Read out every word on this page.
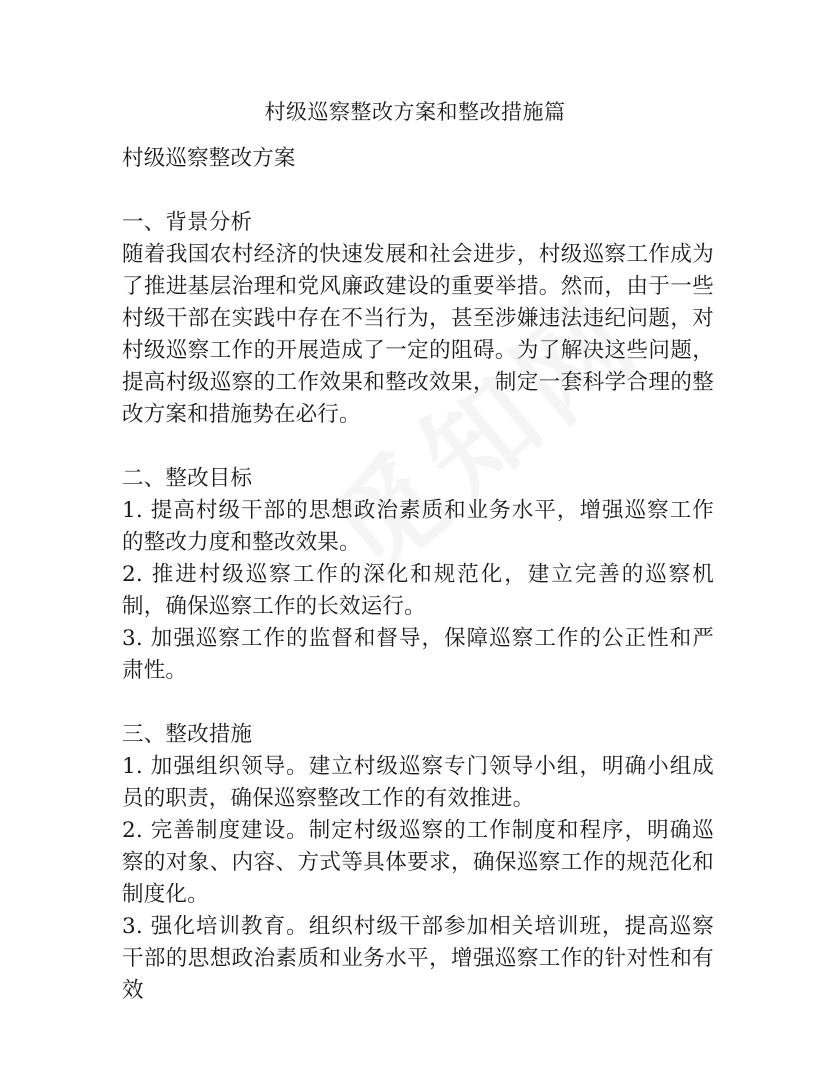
村级巡察整改方案和整改措施篇

村级巡察整改方案

一、背景分析

随着我国农村经济的快速发展和社会进步，村级巡察工作成为了推进基层治理和党风廉政建设的重要举措。然而，由于一些村级干部在实践中存在不当行为，甚至涉嫌违法违纪问题，对村级巡察工作的开展造成了一定的阻碍。为了解决这些问题，提高村级巡察的工作效果和整改效果，制定一套科学合理的整改方案和措施势在必行。

二、整改目标

1. 提高村级干部的思想政治素质和业务水平，增强巡察工作的整改力度和整改效果。

2. 推进村级巡察工作的深化和规范化，建立完善的巡察机制，确保巡察工作的长效运行。

3. 加强巡察工作的监督和督导，保障巡察工作的公正性和严肃性。

三、整改措施

1. 加强组织领导。建立村级巡察专门领导小组，明确小组成员的职责，确保巡察整改工作的有效推进。

2. 完善制度建设。制定村级巡察的工作制度和程序，明确巡察的对象、内容、方式等具体要求，确保巡察工作的规范化和制度化。

3. 强化培训教育。组织村级干部参加相关培训班，提高巡察干部的思想政治素质和业务水平，增强巡察工作的针对性和有效
